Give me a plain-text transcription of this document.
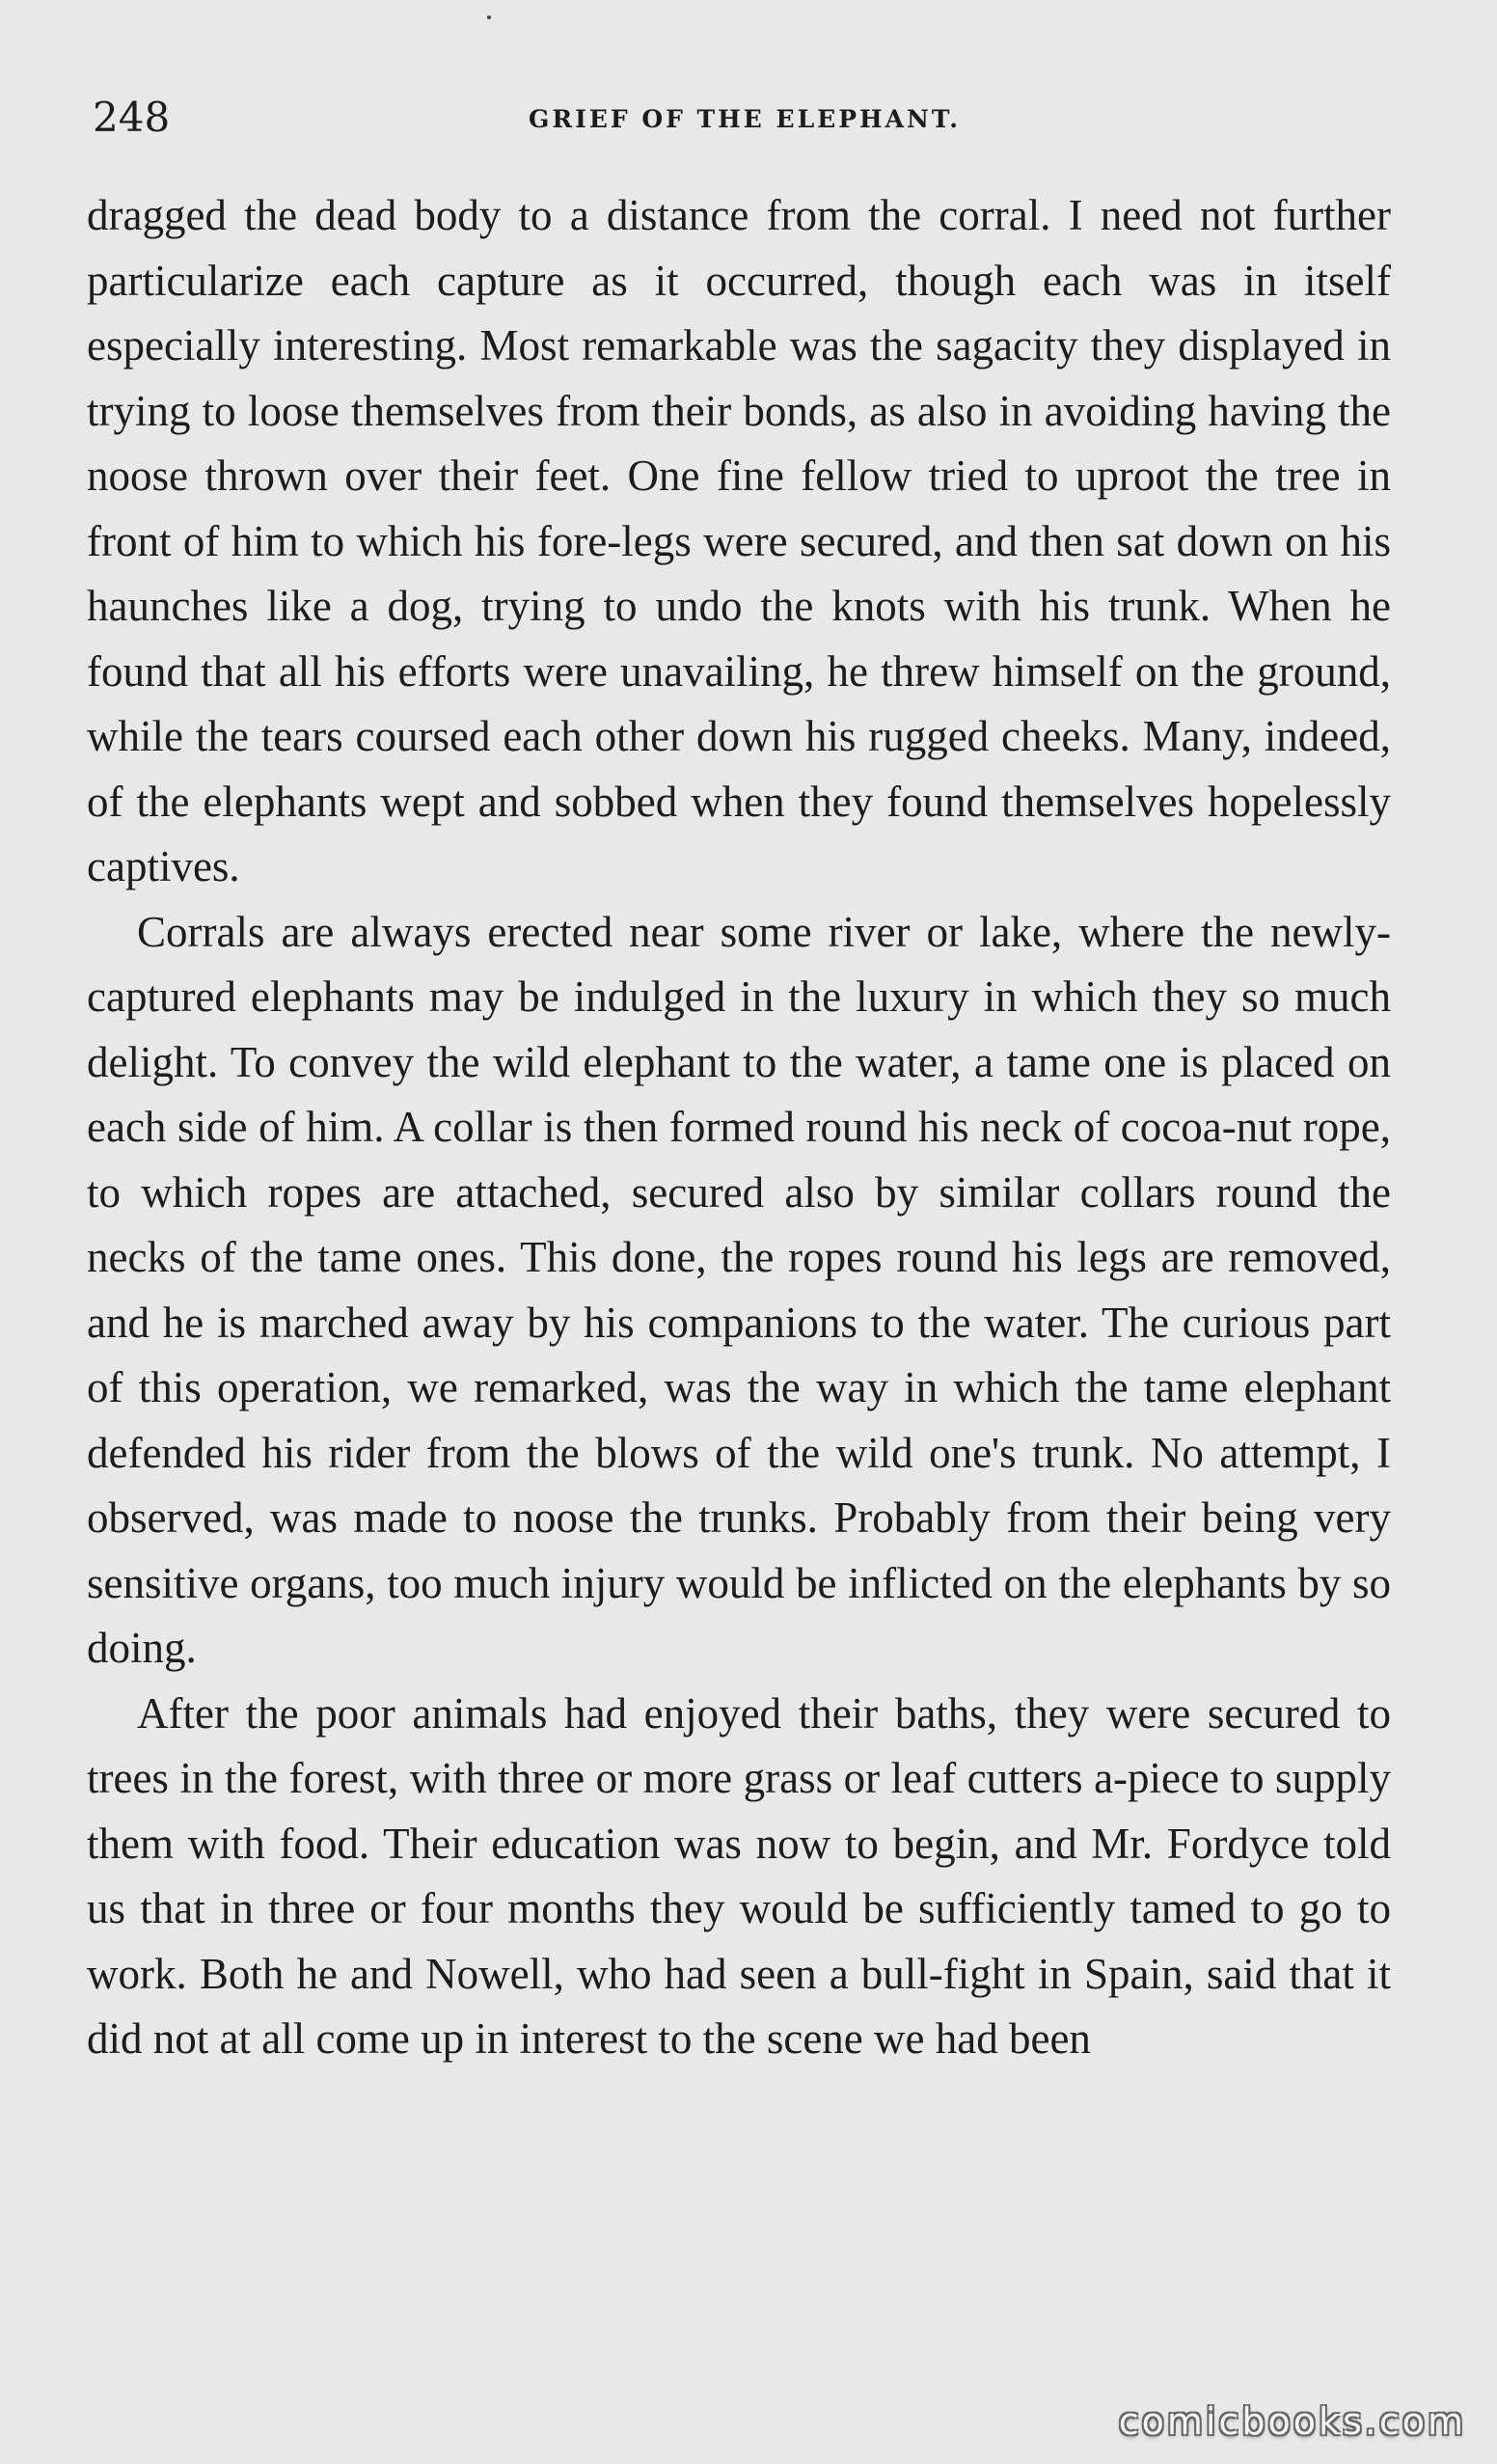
248	GRIEF OF THE ELEPHANT.

dragged the dead body to a distance from the corral. I need not further particularize each capture as it occurred, though each was in itself especially interesting. Most remarkable was the sagacity they displayed in trying to loose themselves from their bonds, as also in avoiding having the noose thrown over their feet. One fine fellow tried to uproot the tree in front of him to which his fore-legs were secured, and then sat down on his haunches like a dog, trying to undo the knots with his trunk. When he found that all his efforts were unavailing, he threw himself on the ground, while the tears coursed each other down his rugged cheeks. Many, indeed, of the elephants wept and sobbed when they found themselves hopelessly captives.

Corrals are always erected near some river or lake, where the newly-captured elephants may be indulged in the luxury in which they so much delight. To convey the wild elephant to the water, a tame one is placed on each side of him. A collar is then formed round his neck of cocoa-nut rope, to which ropes are attached, secured also by similar collars round the necks of the tame ones. This done, the ropes round his legs are removed, and he is marched away by his companions to the water. The curious part of this operation, we remarked, was the way in which the tame elephant defended his rider from the blows of the wild one's trunk. No attempt, I observed, was made to noose the trunks. Probably from their being very sensitive organs, too much injury would be inflicted on the elephants by so doing.

After the poor animals had enjoyed their baths, they were secured to trees in the forest, with three or more grass or leaf cutters a-piece to supply them with food. Their education was now to begin, and Mr. Fordyce told us that in three or four months they would be sufficiently tamed to go to work. Both he and Nowell, who had seen a bull-fight in Spain, said that it did not at all come up in interest to the scene we had been

comicbooks.com
